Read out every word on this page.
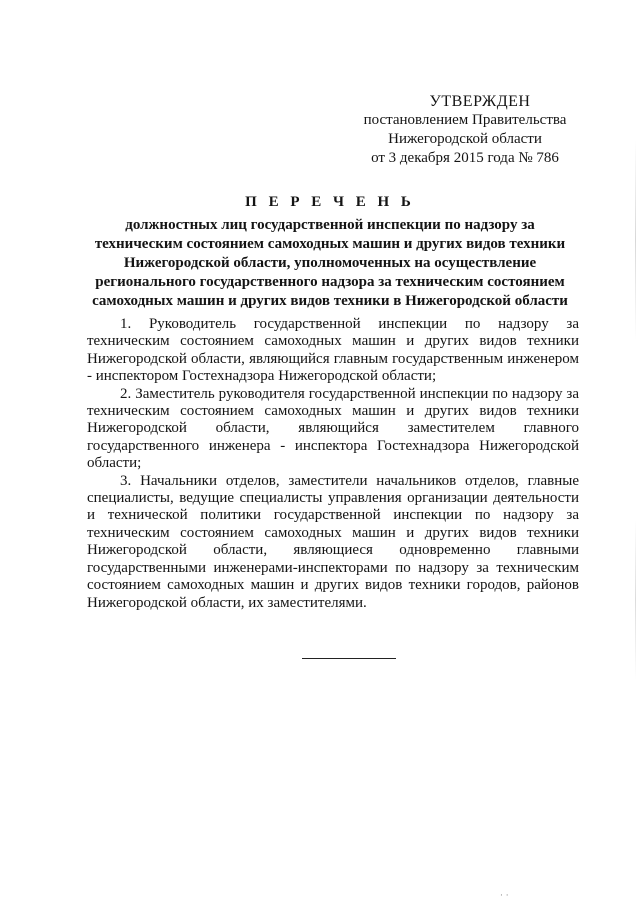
УТВЕРЖДЕН
постановлением Правительства
Нижегородской области
от 3 декабря 2015 года № 786
П Е Р Е Ч Е Н Ь
должностных лиц государственной инспекции по надзору за
техническим состоянием самоходных машин и других видов техники
Нижегородской области, уполномоченных на осуществление
регионального государственного надзора за техническим состоянием
самоходных машин и других видов техники в Нижегородской области

1. Руководитель государственной инспекции по надзору за техническим состоянием самоходных машин и других видов техники Нижегородской области, являющийся главным государственным инженером - инспектором Гостехнадзора Нижегородской области;

2. Заместитель руководителя государственной инспекции по надзору за техническим состоянием самоходных машин и других видов техники Нижегородской области, являющийся заместителем главного государственного инженера - инспектора Гостехнадзора Нижегородской области;

3. Начальники отделов, заместители начальников отделов, главные специалисты, ведущие специалисты управления организации деятельности и технической политики государственной инспекции по надзору за техническим состоянием самоходных машин и других видов техники Нижегородской области, являющиеся одновременно главными государственными инженерами-инспекторами по надзору за техническим состоянием самоходных машин и других видов техники городов, районов Нижегородской области, их заместителями.

· ·
